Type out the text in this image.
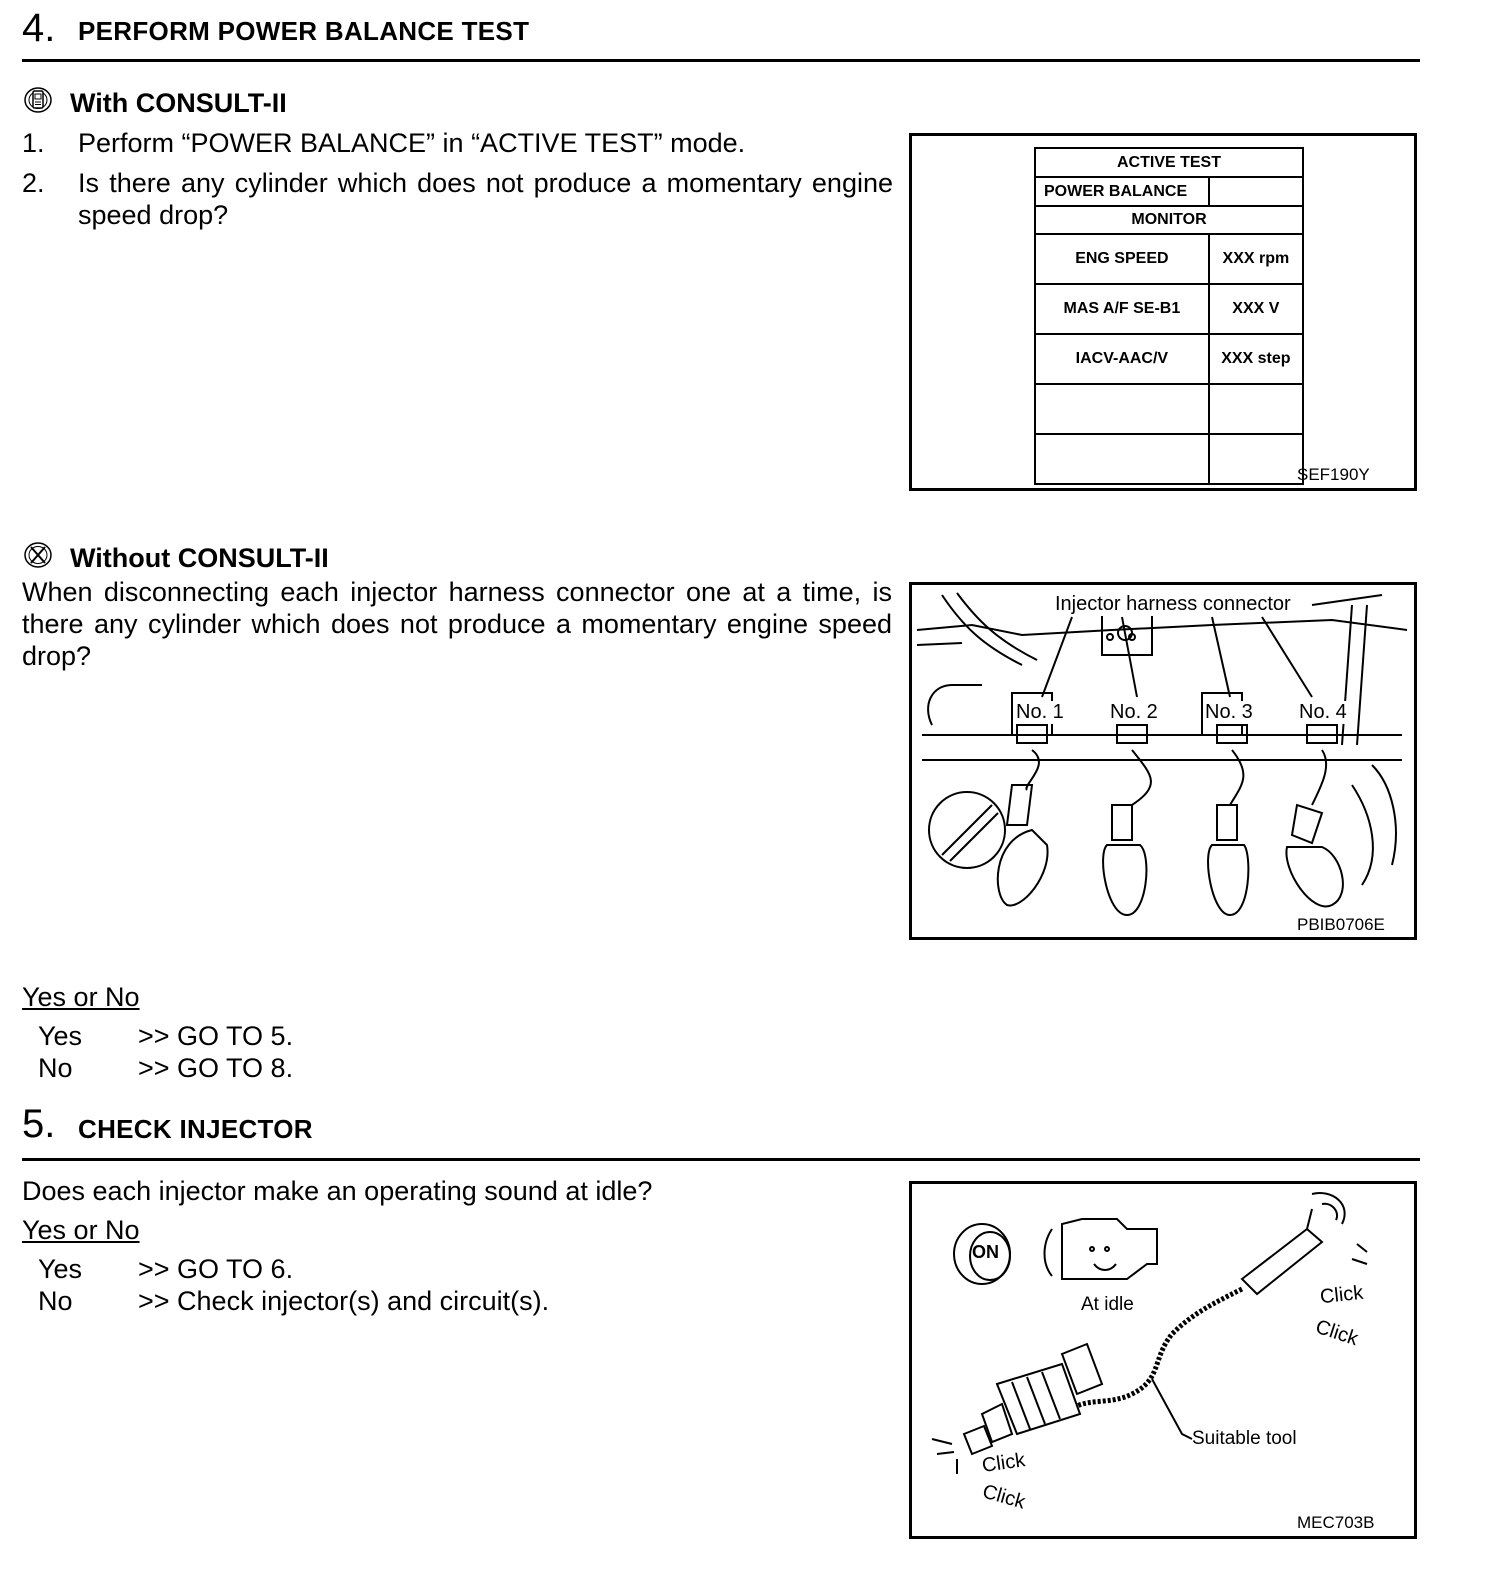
4. PERFORM POWER BALANCE TEST
With CONSULT-II
1. Perform “POWER BALANCE” in “ACTIVE TEST” mode.
2. Is there any cylinder which does not produce a momentary engine speed drop?
ACTIVE TEST	
POWER BALANCE	
MONITOR	
ENG SPEED	XXX rpm
MAS A/F SE-B1	XXX V
IACV-AAC/V	XXX step

SEF190Y
Without CONSULT-II
When disconnecting each injector harness connector one at a time, is there any cylinder which does not produce a momentary engine speed drop?
Injector harness connector
No. 1 No. 2 No. 3 No. 4
PBIB0706E
Yes or No
Yes >> GO TO 5.
No >> GO TO 8.
5. CHECK INJECTOR
Does each injector make an operating sound at idle?
Yes or No
Yes >> GO TO 6.
No >> Check injector(s) and circuit(s).
ON
At idle
Suitable tool
Click
Click
Click
Click
MEC703B
